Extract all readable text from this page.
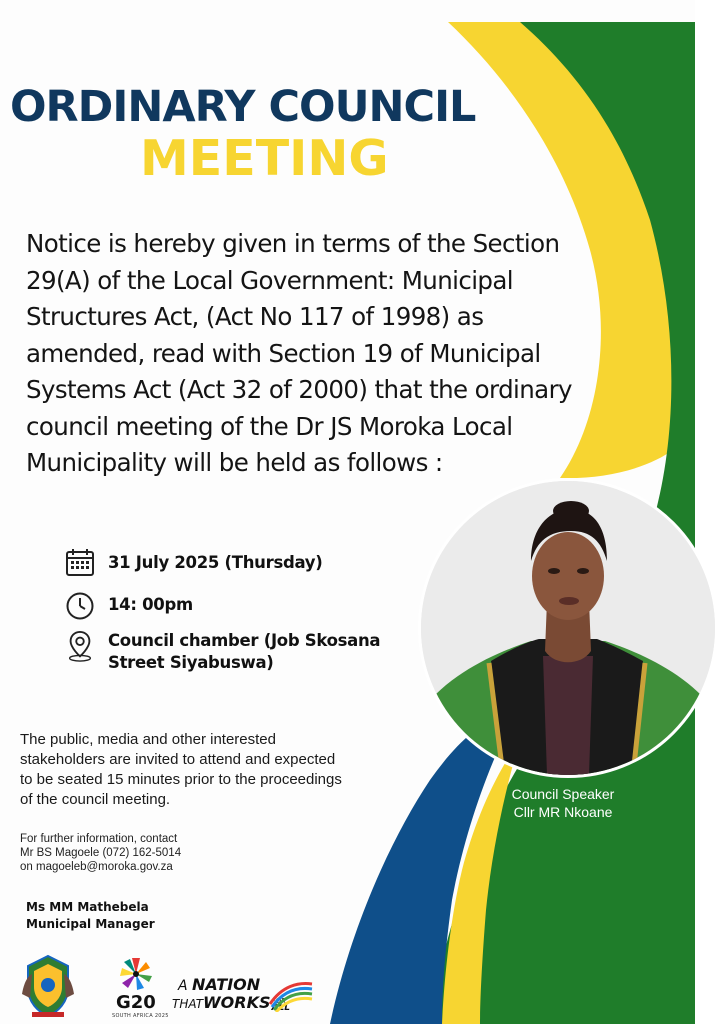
ORDINARY COUNCIL
MEETING
Notice is hereby given in terms of the Section 29(A) of the Local Government: Municipal Structures Act, (Act No 117 of 1998) as amended, read with Section 19 of Municipal Systems Act (Act 32 of 2000) that the ordinary council meeting of the Dr JS Moroka Local Municipality will be held as follows :
31 July 2025 (Thursday)
14: 00pm
Council chamber (Job Skosana
Street Siyabuswa)
The public, media and other interested stakeholders are invited to attend and expected to be seated 15 minutes prior to the proceedings of the council meeting.
For further information, contact
Mr BS Magoele (072) 162-5014
on magoeleb@moroka.gov.za
Ms MM Mathebela
Municipal Manager
Council Speaker
Cllr MR Nkoane
G20
SOUTH AFRICA 2025
A NATION
THATWORKSFOR
ALL
